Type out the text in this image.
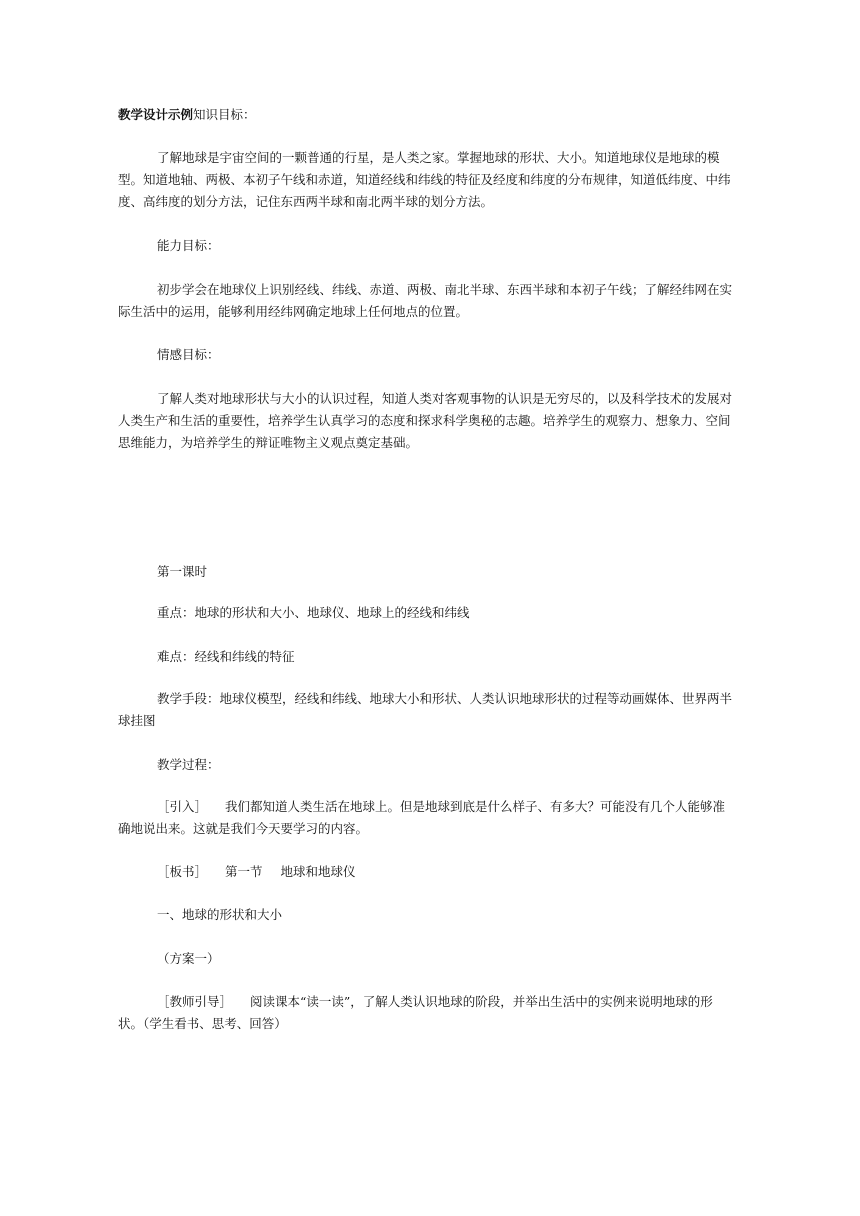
教学设计示例知识目标：

了解地球是宇宙空间的一颗普通的行星，是人类之家。掌握地球的形状、大小。知道地球仪是地球的模型。知道地轴、两极、本初子午线和赤道，知道经线和纬线的特征及经度和纬度的分布规律，知道低纬度、中纬度、高纬度的划分方法，记住东西两半球和南北两半球的划分方法。

能力目标：

初步学会在地球仪上识别经线、纬线、赤道、两极、南北半球、东西半球和本初子午线；了解经纬网在实际生活中的运用，能够利用经纬网确定地球上任何地点的位置。

情感目标：

了解人类对地球形状与大小的认识过程，知道人类对客观事物的认识是无穷尽的，以及科学技术的发展对人类生产和生活的重要性，培养学生认真学习的态度和探求科学奥秘的志趣。培养学生的观察力、想象力、空间思维能力，为培养学生的辩证唯物主义观点奠定基础。

第一课时

重点：地球的形状和大小、地球仪、地球上的经线和纬线

难点：经线和纬线的特征

教学手段：地球仪模型，经线和纬线、地球大小和形状、人类认识地球形状的过程等动画媒体、世界两半球挂图

教学过程：

［引入］ 我们都知道人类生活在地球上。但是地球到底是什么样子、有多大？可能没有几个人能够准确地说出来。这就是我们今天要学习的内容。

［板书］ 第一节 地球和地球仪

一、地球的形状和大小

（方案一）

［教师引导］ 阅读课本“读一读”，了解人类认识地球的阶段，并举出生活中的实例来说明地球的形状。（学生看书、思考、回答）
